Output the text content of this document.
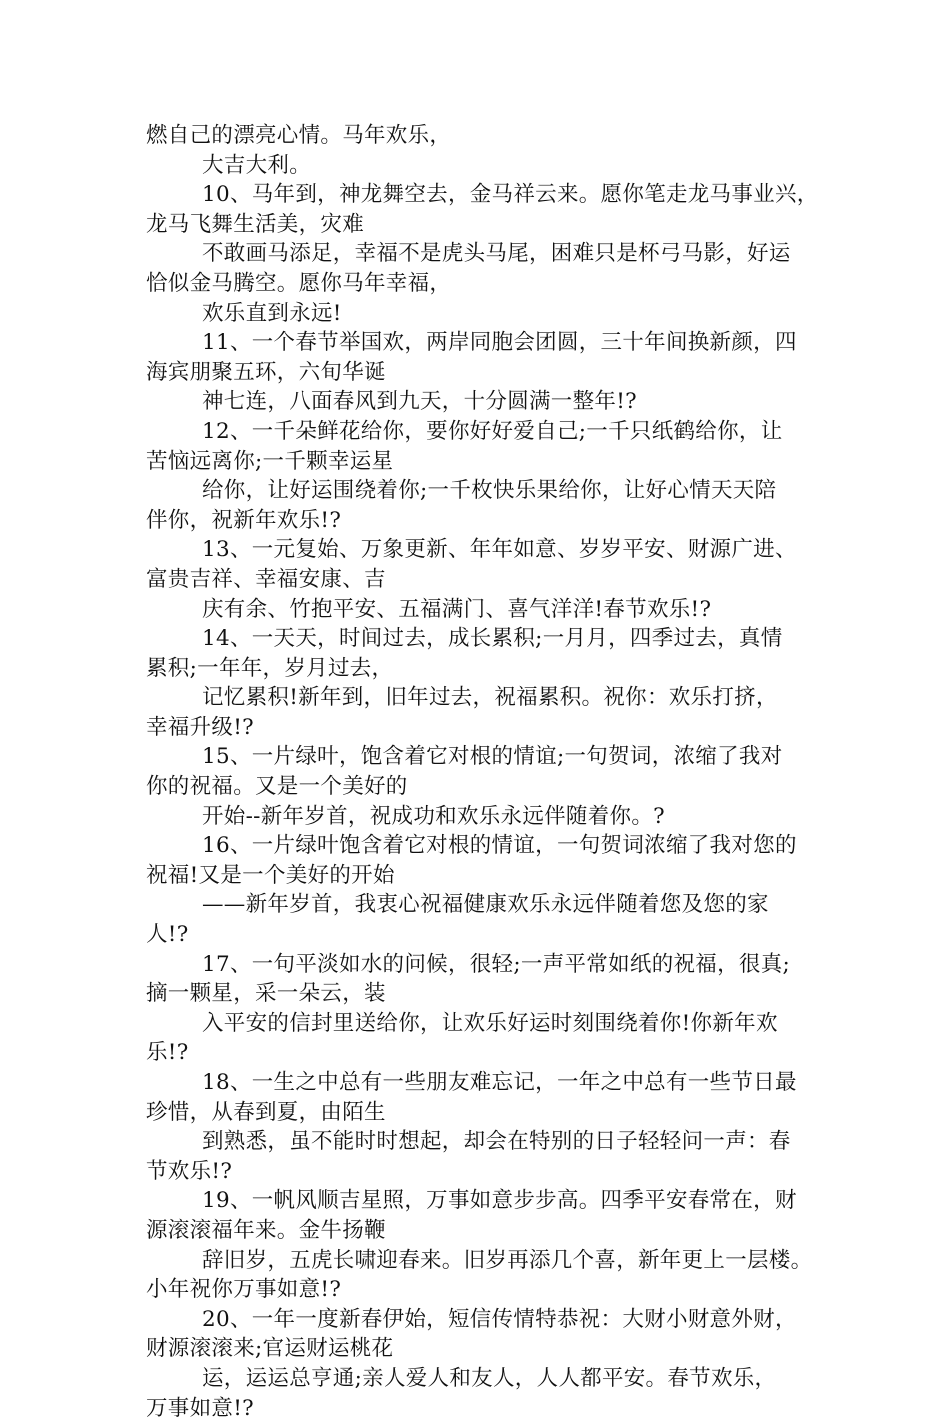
燃自己的漂亮心情。马年欢乐，
大吉大利。
10、马年到，神龙舞空去，金马祥云来。愿你笔走龙马事业兴，
龙马飞舞生活美，灾难
不敢画马添足，幸福不是虎头马尾，困难只是杯弓马影，好运
恰似金马腾空。愿你马年幸福，
欢乐直到永远!
11、一个春节举国欢，两岸同胞会团圆，三十年间换新颜，四
海宾朋聚五环，六旬华诞
神七连，八面春风到九天，十分圆满一整年!?
12、一千朵鲜花给你，要你好好爱自己;一千只纸鹤给你，让
苦恼远离你;一千颗幸运星
给你，让好运围绕着你;一千枚快乐果给你，让好心情天天陪
伴你，祝新年欢乐!?
13、一元复始、万象更新、年年如意、岁岁平安、财源广进、
富贵吉祥、幸福安康、吉
庆有余、竹抱平安、五福满门、喜气洋洋!春节欢乐!?
14、一天天，时间过去，成长累积;一月月，四季过去，真情
累积;一年年，岁月过去，
记忆累积!新年到，旧年过去，祝福累积。祝你：欢乐打挤，
幸福升级!?
15、一片绿叶，饱含着它对根的情谊;一句贺词，浓缩了我对
你的祝福。又是一个美好的
开始--新年岁首，祝成功和欢乐永远伴随着你。?
16、一片绿叶饱含着它对根的情谊，一句贺词浓缩了我对您的
祝福!又是一个美好的开始
——新年岁首，我衷心祝福健康欢乐永远伴随着您及您的家
人!?
17、一句平淡如水的问候，很轻;一声平常如纸的祝福，很真;
摘一颗星，采一朵云，装
入平安的信封里送给你，让欢乐好运时刻围绕着你!你新年欢
乐!?
18、一生之中总有一些朋友难忘记，一年之中总有一些节日最
珍惜，从春到夏，由陌生
到熟悉，虽不能时时想起，却会在特别的日子轻轻问一声：春
节欢乐!?
19、一帆风顺吉星照，万事如意步步高。四季平安春常在，财
源滚滚福年来。金牛扬鞭
辞旧岁，五虎长啸迎春来。旧岁再添几个喜，新年更上一层楼。
小年祝你万事如意!?
20、一年一度新春伊始，短信传情特恭祝：大财小财意外财，
财源滚滚来;官运财运桃花
运，运运总亨通;亲人爱人和友人，人人都平安。春节欢乐，
万事如意!?
